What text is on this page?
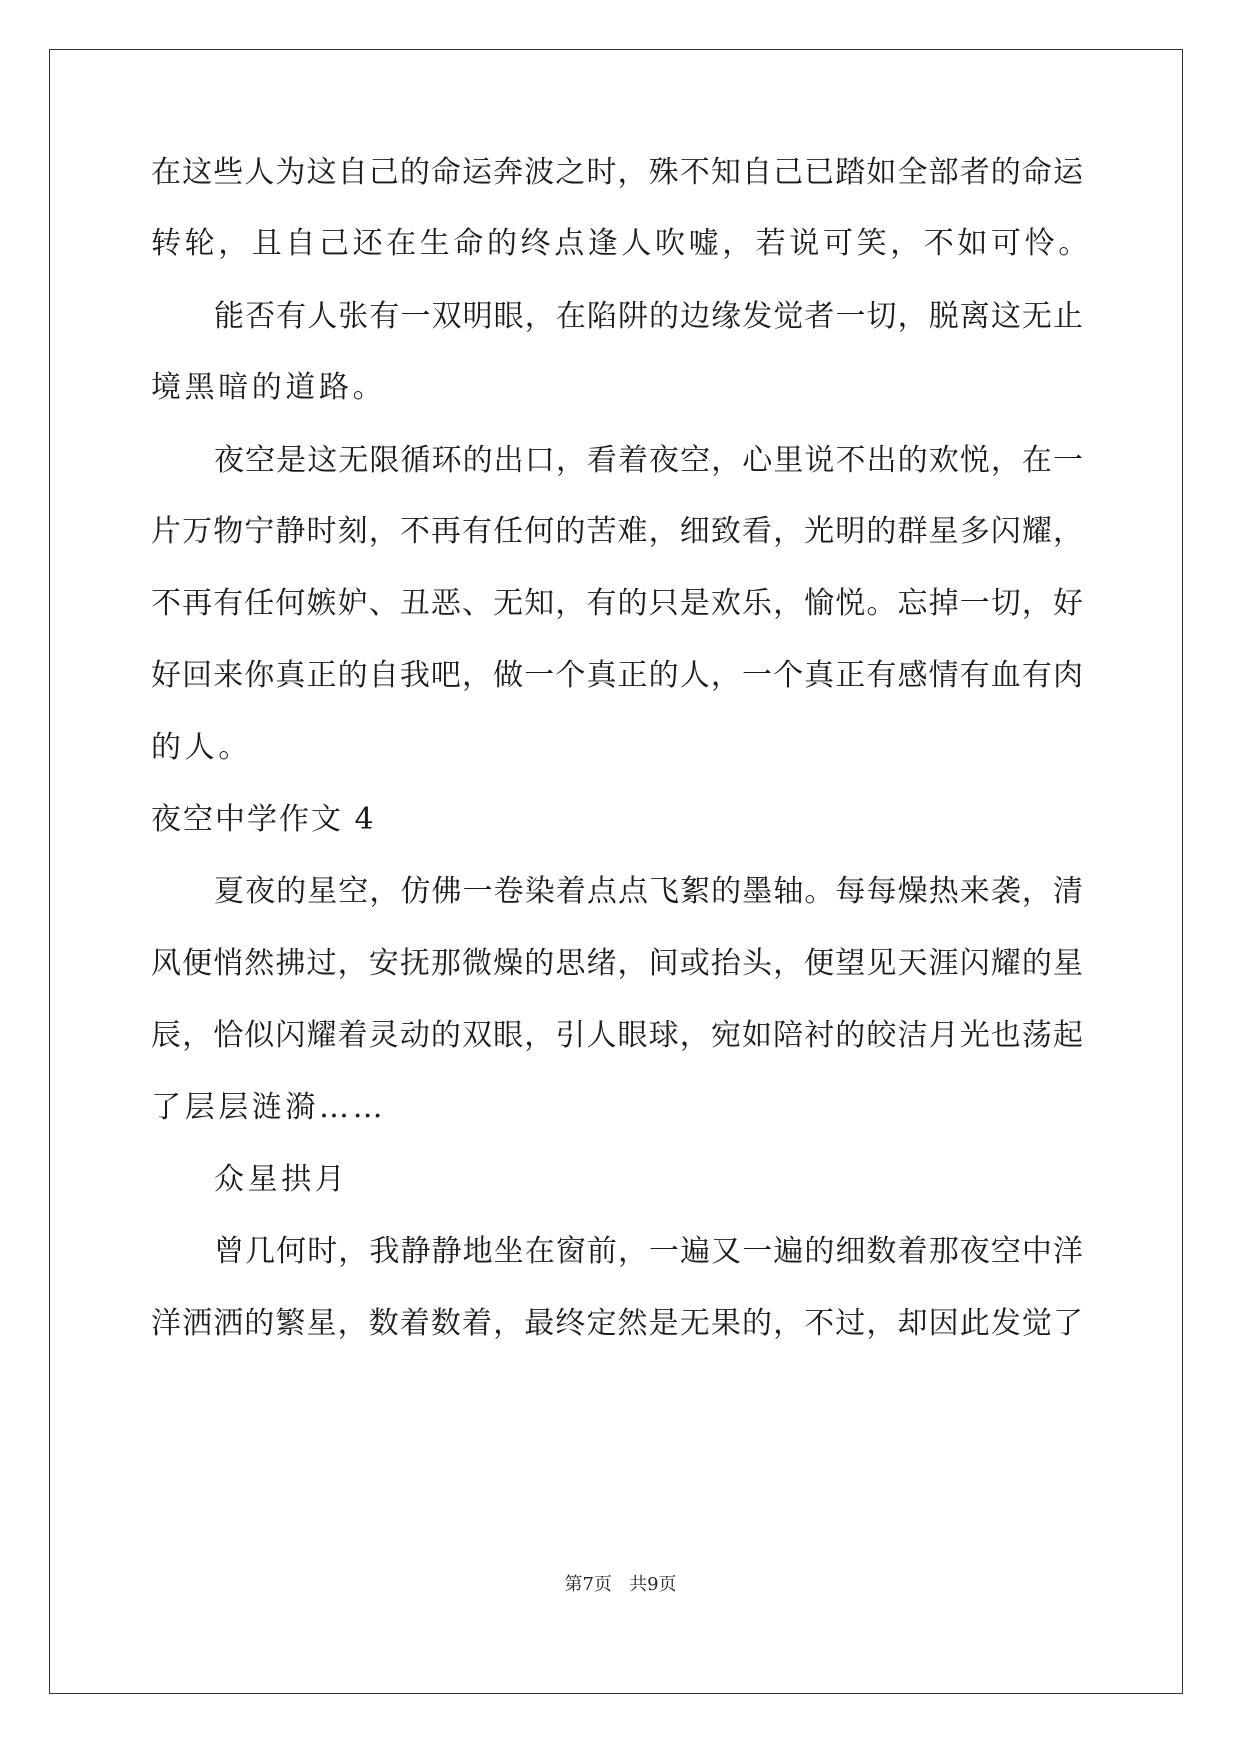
在这些人为这自己的命运奔波之时，殊不知自己已踏如全部者的命运
转轮，且自己还在生命的终点逢人吹嘘，若说可笑，不如可怜。
能否有人张有一双明眼，在陷阱的边缘发觉者一切，脱离这无止
境黑暗的道路。
夜空是这无限循环的出口，看着夜空，心里说不出的欢悦，在一
片万物宁静时刻，不再有任何的苦难，细致看，光明的群星多闪耀，
不再有任何嫉妒、丑恶、无知，有的只是欢乐，愉悦。忘掉一切，好
好回来你真正的自我吧，做一个真正的人，一个真正有感情有血有肉
的人。
夜空中学作文 4
夏夜的星空，仿佛一卷染着点点飞絮的墨轴。每每燥热来袭，清
风便悄然拂过，安抚那微燥的思绪，间或抬头，便望见天涯闪耀的星
辰，恰似闪耀着灵动的双眼，引人眼球，宛如陪衬的皎洁月光也荡起
了层层涟漪……
众星拱月
曾几何时，我静静地坐在窗前，一遍又一遍的细数着那夜空中洋
洋洒洒的繁星，数着数着，最终定然是无果的，不过，却因此发觉了
第7页 共9页
